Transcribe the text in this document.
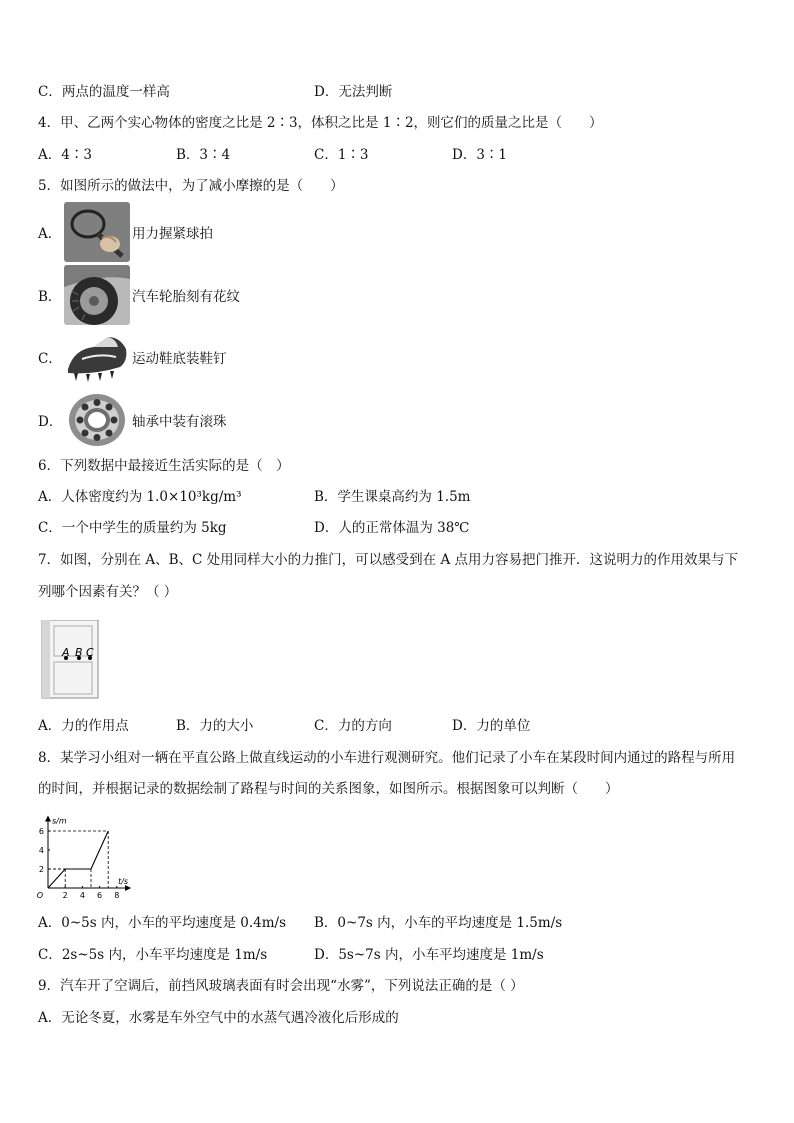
C．两点的温度一样高	D．无法判断
4．甲、乙两个实心物体的密度之比是 2∶3，体积之比是 1∶2，则它们的质量之比是（　　）
A．4∶3	B．3∶4	C．1∶3	D．3∶1
5．如图所示的做法中，为了减小摩擦的是（　　）
A．	用力握紧球拍
B．	汽车轮胎刻有花纹
C．	运动鞋底装鞋钉
D．	轴承中装有滚珠
6．下列数据中最接近生活实际的是（　）
A．人体密度约为 1.0×10³kg/m³	B．学生课桌高约为 1.5m
C．一个中学生的质量约为 5kg	D．人的正常体温为 38℃
7．如图，分别在 A、B、C 处用同样大小的力推门，可以感受到在 A 点用力容易把门推开．这说明力的作用效果与下
列哪个因素有关？（ ）
A B C
A．力的作用点	B．力的大小	C．力的方向	D．力的单位
8．某学习小组对一辆在平直公路上做直线运动的小车进行观测研究。他们记录了小车在某段时间内通过的路程与所用
的时间，并根据记录的数据绘制了路程与时间的关系图象，如图所示。根据图象可以判断（　　）
2 4 6 8
2
4
6
O
t/s
s/m
A．0~5s 内，小车的平均速度是 0.4m/s B．0~7s 内，小车的平均速度是 1.5m/s
C．2s~5s 内，小车平均速度是 1m/s	D．5s~7s 内，小车平均速度是 1m/s
9．汽车开了空调后，前挡风玻璃表面有时会出现“水雾”，下列说法正确的是（ ）
A．无论冬夏，水雾是车外空气中的水蒸气遇冷液化后形成的
